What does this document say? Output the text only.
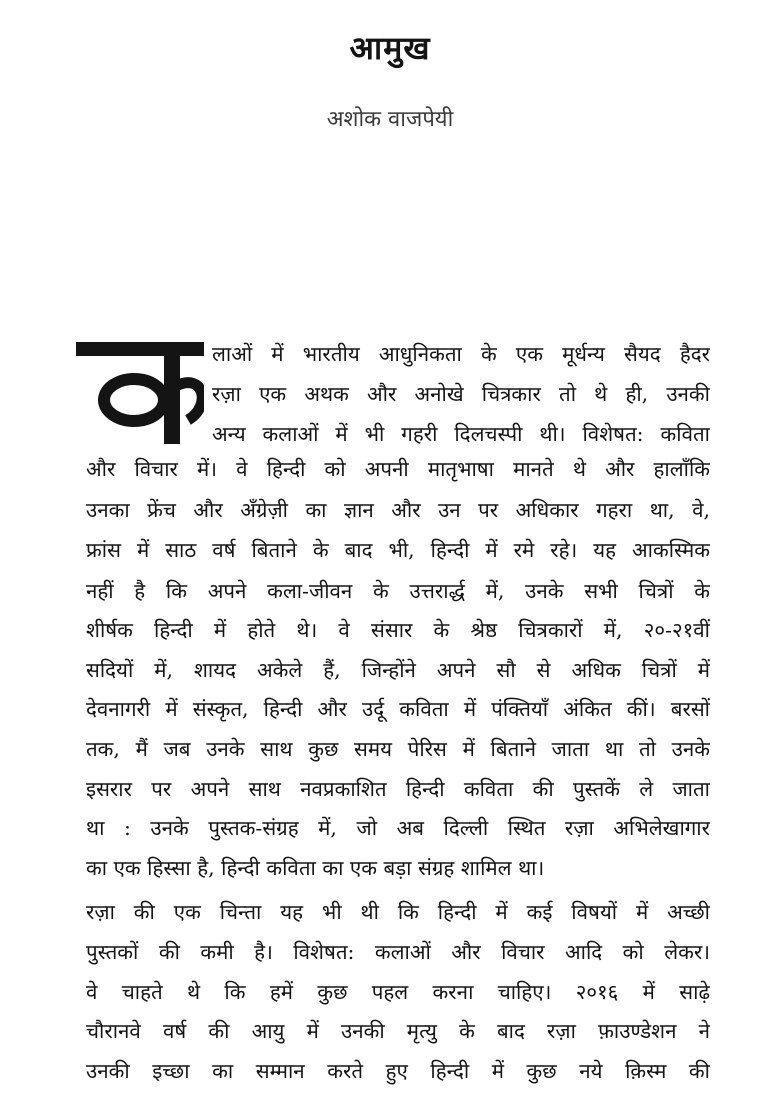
आमुख
अशोक वाजपेयी
लाओं में भारतीय आधुनिकता के एक मूर्धन्य सैयद हैदर
रज़ा एक अथक और अनोखे चित्रकार तो थे ही, उनकी
अन्य कलाओं में भी गहरी दिलचस्पी थी। विशेषत: कविता
और विचार में। वे हिन्दी को अपनी मातृभाषा मानते थे और हालाँकि
उनका फ्रेंच और अँग्रेज़ी का ज्ञान और उन पर अधिकार गहरा था, वे,
फ्रांस में साठ वर्ष बिताने के बाद भी, हिन्दी में रमे रहे। यह आकस्मिक
नहीं है कि अपने कला-जीवन के उत्तरार्द्ध में, उनके सभी चित्रों के
शीर्षक हिन्दी में होते थे। वे संसार के श्रेष्ठ चित्रकारों में, २०-२१वीं
सदियों में, शायद अकेले हैं, जिन्होंने अपने सौ से अधिक चित्रों में
देवनागरी में संस्कृत, हिन्दी और उर्दू कविता में पंक्तियाँ अंकित कीं। बरसों
तक, मैं जब उनके साथ कुछ समय पेरिस में बिताने जाता था तो उनके
इसरार पर अपने साथ नवप्रकाशित हिन्दी कविता की पुस्तकें ले जाता
था : उनके पुस्तक-संग्रह में, जो अब दिल्ली स्थित रज़ा अभिलेखागार
का एक हिस्सा है, हिन्दी कविता का एक बड़ा संग्रह शामिल था।
रज़ा की एक चिन्ता यह भी थी कि हिन्दी में कई विषयों में अच्छी
पुस्तकों की कमी है। विशेषत: कलाओं और विचार आदि को लेकर।
वे चाहते थे कि हमें कुछ पहल करना चाहिए। २०१६ में साढ़े
चौरानवे वर्ष की आयु में उनकी मृत्यु के बाद रज़ा फ़ाउण्डेशन ने
उनकी इच्छा का सम्मान करते हुए हिन्दी में कुछ नये क़िस्म की
